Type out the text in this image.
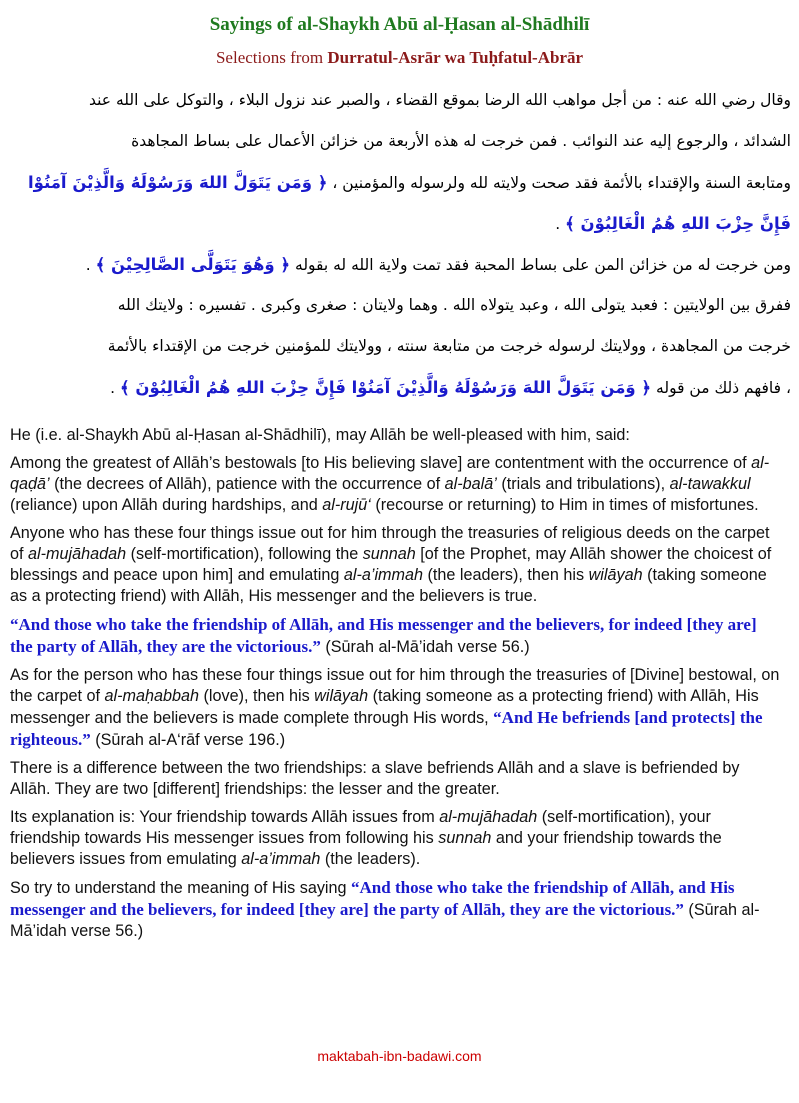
Sayings of al-Shaykh Abū al-Ḥasan al-Shādhilī
Selections from Durratul-Asrār wa Tuḥfatul-Abrār
وقال رضي الله عنه : من أجل مواهب الله الرضا بموقع القضاء ، والصبر عند نزول البلاء ، والتوكل على الله عند
الشدائد ، والرجوع إليه عند النوائب . فمن خرجت له هذه الأربعة من خزائن الأعمال على بساط المجاهدة
ومتابعة السنة والإقتداء بالأئمة فقد صحت ولايته لله ولرسوله والمؤمنين ، ﴿ وَمَن يَتَوَلَّ اللهَ وَرَسُوْلَهُ وَالَّذِيْنَ آمَنُوْا
فَإِنَّ حِزْبَ اللهِ هُمُ الْغَالِبُوْنَ ﴾ .
ومن خرجت له من خزائن المن على بساط المحبة فقد تمت ولاية الله له بقوله ﴿ وَهُوَ يَتَوَلَّى الصَّالِحِيْنَ ﴾ .
ففرق بين الولايتين : فعبد يتولى الله ، وعبد يتولاه الله . وهما ولايتان : صغرى وكبرى . تفسيره : ولايتك الله
خرجت من المجاهدة ، وولايتك لرسوله خرجت من متابعة سنته ، وولايتك للمؤمنين خرجت من الإقتداء بالأئمة
، فافهم ذلك من قوله ﴿ وَمَن يَتَوَلَّ اللهَ وَرَسُوْلَهُ وَالَّذِيْنَ آمَنُوْا فَإِنَّ حِزْبَ اللهِ هُمُ الْغَالِبُوْنَ ﴾ .

He (i.e. al-Shaykh Abū al-Ḥasan al-Shādhilī), may Allāh be well-pleased with him, said:

Among the greatest of Allāh’s bestowals [to His believing slave] are contentment with the occurrence of al-qaḍā’ (the decrees of Allāh), patience with the occurrence of al-balā’ (trials and tribulations), al-tawakkul (reliance) upon Allāh during hardships, and al-rujū‘ (recourse or returning) to Him in times of misfortunes.

Anyone who has these four things issue out for him through the treasuries of religious deeds on the carpet of al-mujāhadah (self-mortification), following the sunnah [of the Prophet, may Allāh shower the choicest of blessings and peace upon him] and emulating al-a’immah (the leaders), then his wilāyah (taking someone as a protecting friend) with Allāh, His messenger and the believers is true.

“And those who take the friendship of Allāh, and His messenger and the believers, for indeed [they are] the party of Allāh, they are the victorious.” (Sūrah al-Mā’idah verse 56.)

As for the person who has these four things issue out for him through the treasuries of [Divine] bestowal, on the carpet of al-maḥabbah (love), then his wilāyah (taking someone as a protecting friend) with Allāh, His messenger and the believers is made complete through His words, “And He befriends [and protects] the righteous.” (Sūrah al-A‘rāf verse 196.)

There is a difference between the two friendships: a slave befriends Allāh and a slave is befriended by Allāh. They are two [different] friendships: the lesser and the greater.

Its explanation is: Your friendship towards Allāh issues from al-mujāhadah (self-mortification), your friendship towards His messenger issues from following his sunnah and your friendship towards the believers issues from emulating al-a’immah (the leaders).

So try to understand the meaning of His saying “And those who take the friendship of Allāh, and His messenger and the believers, for indeed [they are] the party of Allāh, they are the victorious.” (Sūrah al-Mā’idah verse 56.)

maktabah-ibn-badawi.com
